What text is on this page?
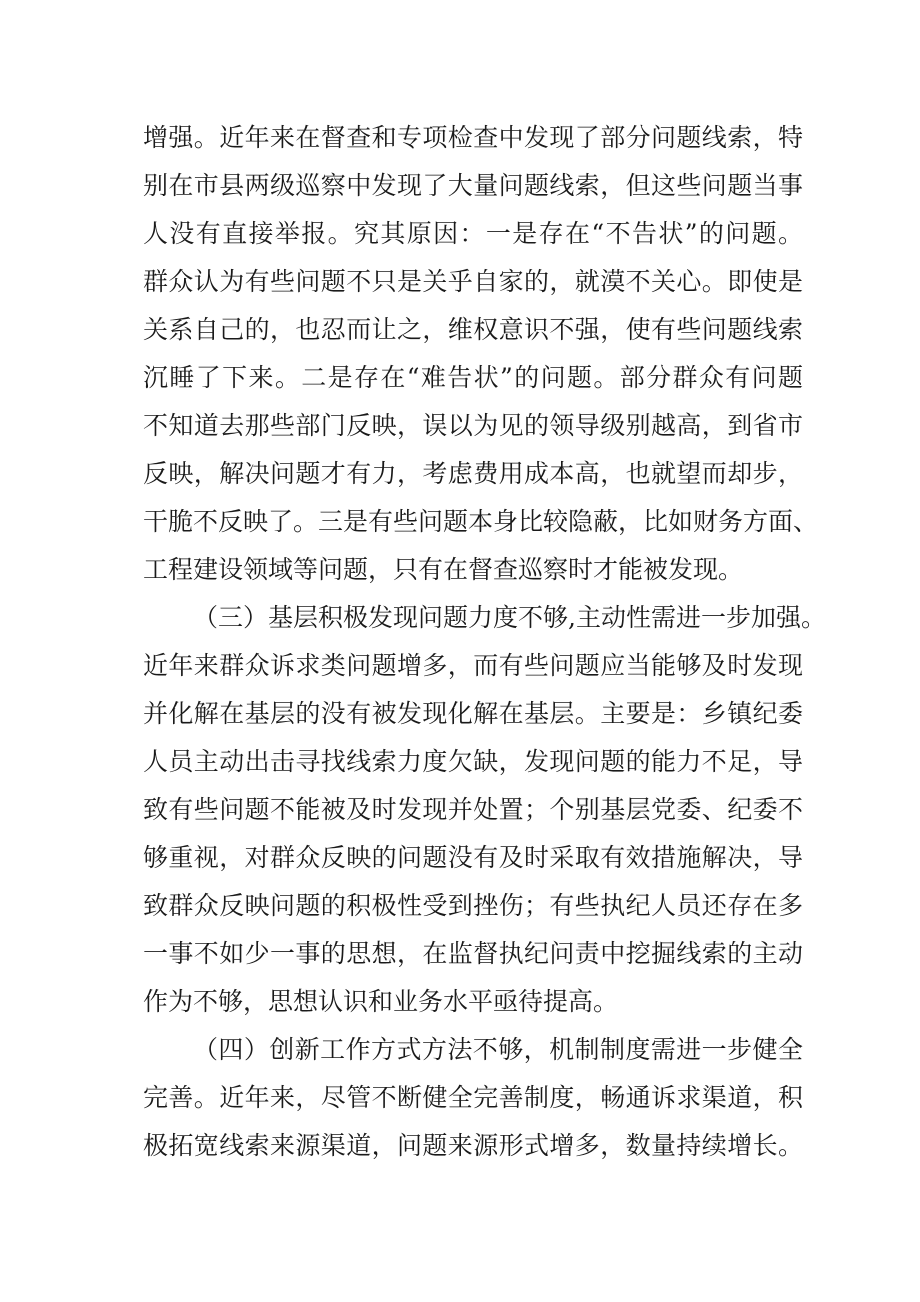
增强。近年来在督查和专项检查中发现了部分问题线索，特
别在市县两级巡察中发现了大量问题线索，但这些问题当事
人没有直接举报。究其原因：一是存在“不告状”的问题。
群众认为有些问题不只是关乎自家的，就漠不关心。即使是
关系自己的，也忍而让之，维权意识不强，使有些问题线索
沉睡了下来。二是存在“难告状”的问题。部分群众有问题
不知道去那些部门反映，误以为见的领导级别越高，到省市
反映，解决问题才有力，考虑费用成本高，也就望而却步，
干脆不反映了。三是有些问题本身比较隐蔽，比如财务方面、
工程建设领域等问题，只有在督查巡察时才能被发现。
（三）基层积极发现问题力度不够,主动性需进一步加强。
近年来群众诉求类问题增多，而有些问题应当能够及时发现
并化解在基层的没有被发现化解在基层。主要是：乡镇纪委
人员主动出击寻找线索力度欠缺，发现问题的能力不足，导
致有些问题不能被及时发现并处置；个别基层党委、纪委不
够重视，对群众反映的问题没有及时采取有效措施解决，导
致群众反映问题的积极性受到挫伤；有些执纪人员还存在多
一事不如少一事的思想，在监督执纪问责中挖掘线索的主动
作为不够，思想认识和业务水平亟待提高。
（四）创新工作方式方法不够，机制制度需进一步健全
完善。近年来，尽管不断健全完善制度，畅通诉求渠道，积
极拓宽线索来源渠道，问题来源形式增多，数量持续增长。
